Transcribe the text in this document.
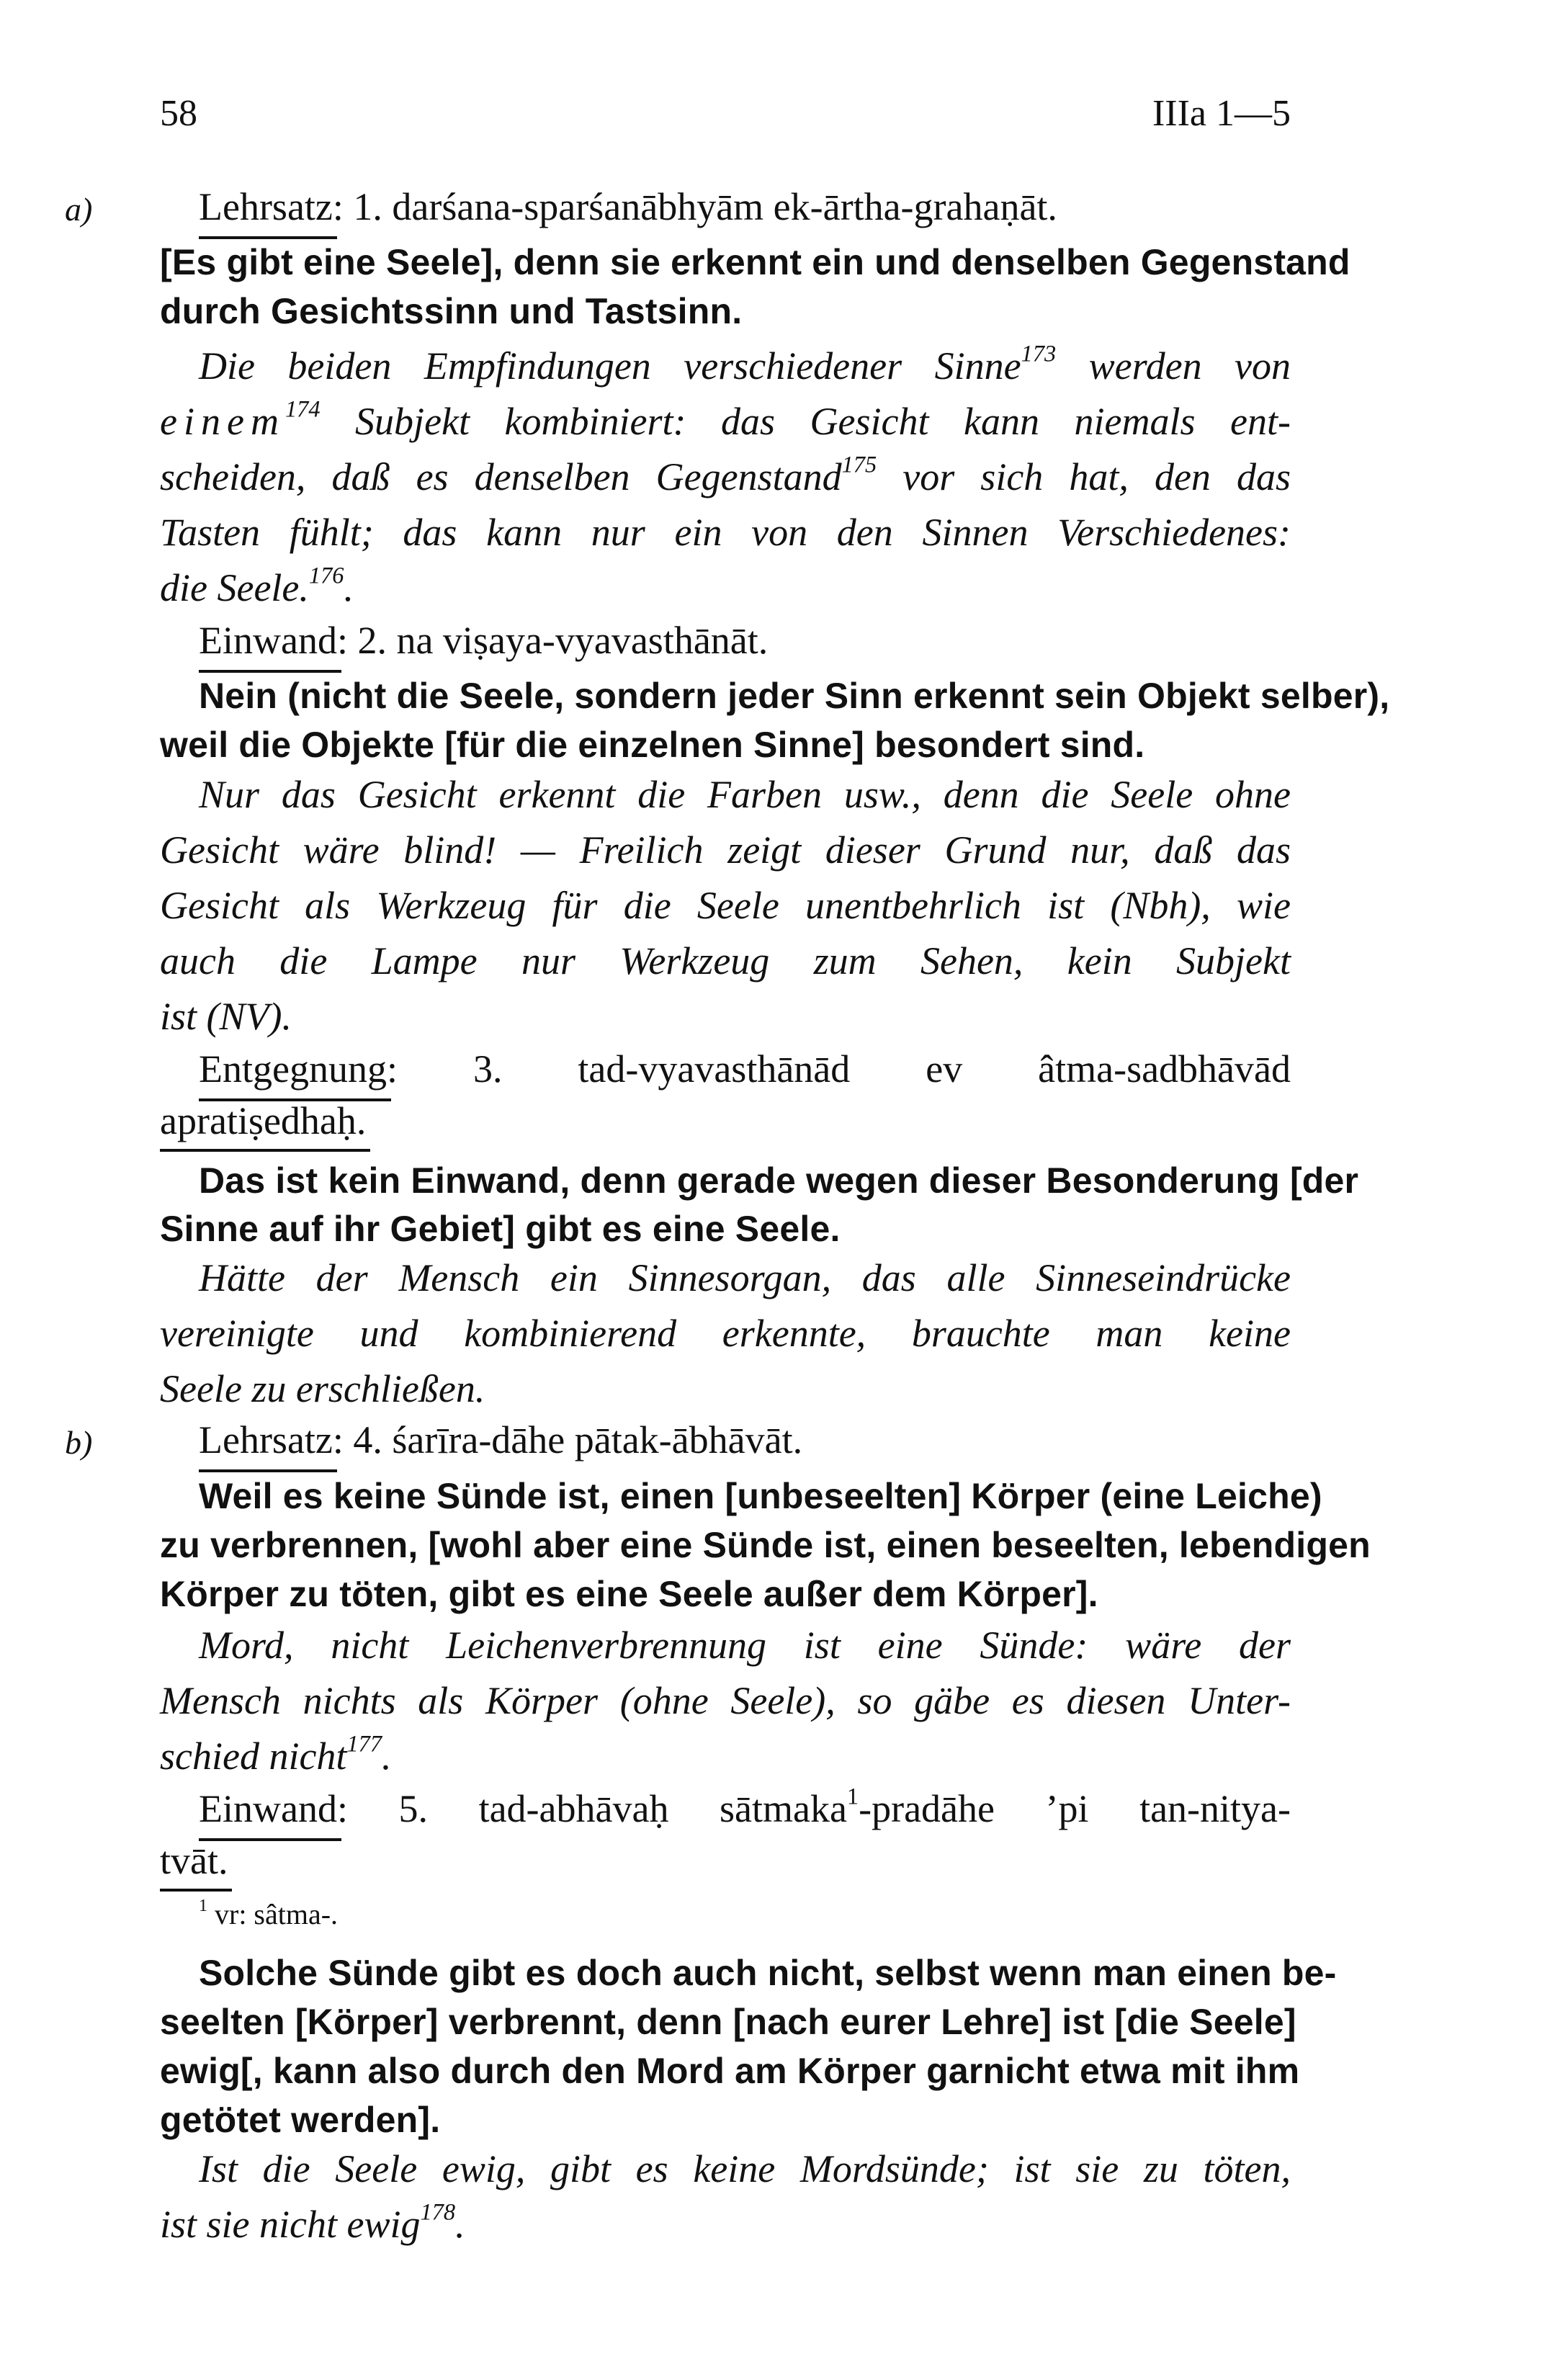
58	IIIa 1—5
a)	Lehrsatz
: 1. darśana-sparśanābhyām ek-ārtha-grahaṇāt.
[Es gibt eine Seele], denn sie erkennt ein und denselben Gegenstand
durch Gesichtssinn und Tastsinn.
Die beiden Empfindungen verschiedener Sinne$^{173}$ werden von
einem$^{174}$ Subjekt kombiniert: das Gesicht kann niemals ent-
scheiden, daß es denselben Gegenstand$^{175}$ vor sich hat, den das
Tasten fühlt; das kann nur ein von den Sinnen Verschiedenes:
die Seele.$^{176}$.
Einwand
: 2. na viṣaya-vyavasthānāt.
Nein (nicht die Seele, sondern jeder Sinn erkennt sein Objekt selber),
weil die Objekte [für die einzelnen Sinne] besondert sind.
Nur das Gesicht erkennt die Farben usw., denn die Seele ohne
Gesicht wäre blind! — Freilich zeigt dieser Grund nur, daß das
Gesicht als Werkzeug für die Seele unentbehrlich ist (Nbh), wie
auch die Lampe nur Werkzeug zum Sehen, kein Subjekt
ist (NV).
Entgegnung
: 3. tad-vyavasthānād ev âtma-sadbhāvād
apratiṣedhaḥ.
Das ist kein Einwand, denn gerade wegen dieser Besonderung [der
Sinne auf ihr Gebiet] gibt es eine Seele.
Hätte der Mensch ein Sinnesorgan, das alle Sinneseindrücke
vereinigte und kombinierend erkennte, brauchte man keine
Seele zu erschließen.
b)	Lehrsatz
: 4. śarīra-dāhe pātak-ābhāvāt.
Weil es keine Sünde ist, einen [unbeseelten] Körper (eine Leiche)
zu verbrennen, [wohl aber eine Sünde ist, einen beseelten, lebendigen
Körper zu töten, gibt es eine Seele außer dem Körper].
Mord, nicht Leichenverbrennung ist eine Sünde: wäre der
Mensch nichts als Körper (ohne Seele), so gäbe es diesen Unter-
schied nicht$^{177}$.
Einwand
: 5. tad-abhāvaḥ sātmaka$^1$-pradāhe ’pi tan-nitya-
tvāt.
$^1$ vr: sâtma-.
Solche Sünde gibt es doch auch nicht, selbst wenn man einen be-
seelten [Körper] verbrennt, denn [nach eurer Lehre] ist [die Seele]
ewig[, kann also durch den Mord am Körper garnicht etwa mit ihm
getötet werden].
Ist die Seele ewig, gibt es keine Mordsünde; ist sie zu töten,
ist sie nicht ewig$^{178}$.
